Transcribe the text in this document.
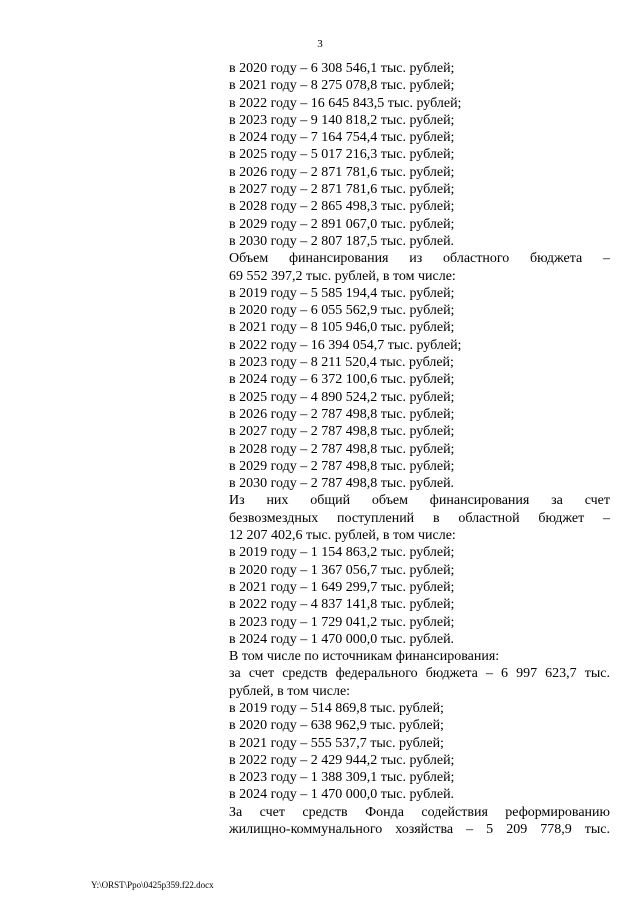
3
в 2020 году – 6 308 546,1 тыс. рублей;
в 2021 году – 8 275 078,8 тыс. рублей;
в 2022 году – 16 645 843,5 тыс. рублей;
в 2023 году – 9 140 818,2 тыс. рублей;
в 2024 году – 7 164 754,4 тыс. рублей;
в 2025 году – 5 017 216,3 тыс. рублей;
в 2026 году – 2 871 781,6 тыс. рублей;
в 2027 году – 2 871 781,6 тыс. рублей;
в 2028 году – 2 865 498,3 тыс. рублей;
в 2029 году – 2 891 067,0 тыс. рублей;
в 2030 году – 2 807 187,5 тыс. рублей.
Объем финансирования из областного бюджета –
69 552 397,2 тыс. рублей, в том числе:
в 2019 году – 5 585 194,4 тыс. рублей;
в 2020 году – 6 055 562,9 тыс. рублей;
в 2021 году – 8 105 946,0 тыс. рублей;
в 2022 году – 16 394 054,7 тыс. рублей;
в 2023 году – 8 211 520,4 тыс. рублей;
в 2024 году – 6 372 100,6 тыс. рублей;
в 2025 году – 4 890 524,2 тыс. рублей;
в 2026 году – 2 787 498,8 тыс. рублей;
в 2027 году – 2 787 498,8 тыс. рублей;
в 2028 году – 2 787 498,8 тыс. рублей;
в 2029 году – 2 787 498,8 тыс. рублей;
в 2030 году – 2 787 498,8 тыс. рублей.
Из них общий объем финансирования за счет
безвозмездных поступлений в областной бюджет –
12 207 402,6 тыс. рублей, в том числе:
в 2019 году – 1 154 863,2 тыс. рублей;
в 2020 году – 1 367 056,7 тыс. рублей;
в 2021 году – 1 649 299,7 тыс. рублей;
в 2022 году – 4 837 141,8 тыс. рублей;
в 2023 году – 1 729 041,2 тыс. рублей;
в 2024 году – 1 470 000,0 тыс. рублей.
В том числе по источникам финансирования:
за счет средств федерального бюджета – 6 997 623,7 тыс.
рублей, в том числе:
в 2019 году – 514 869,8 тыс. рублей;
в 2020 году – 638 962,9 тыс. рублей;
в 2021 году – 555 537,7 тыс. рублей;
в 2022 году – 2 429 944,2 тыс. рублей;
в 2023 году – 1 388 309,1 тыс. рублей;
в 2024 году – 1 470 000,0 тыс. рублей.
За счет средств Фонда содействия реформированию
жилищно-коммунального хозяйства – 5 209 778,9 тыс.
Y:\ORST\Ppo\0425p359.f22.docx
